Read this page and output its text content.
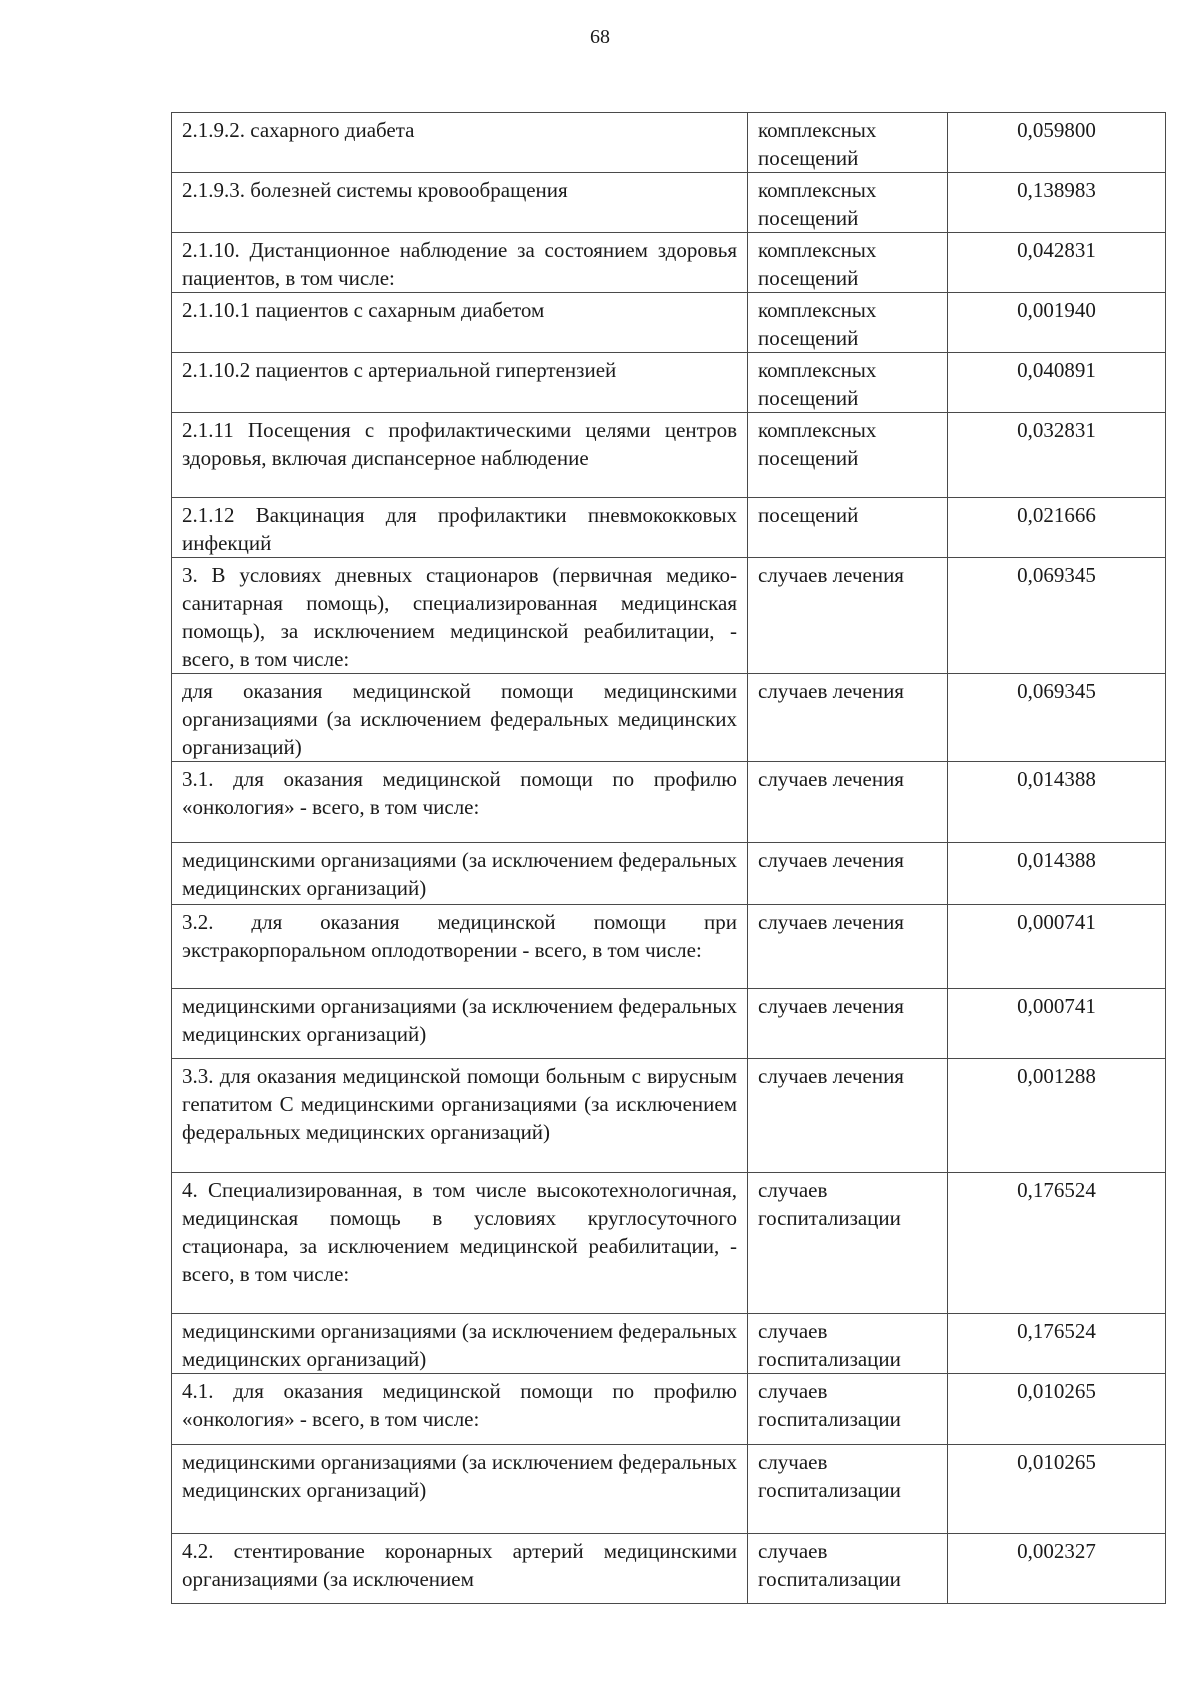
68
2.1.9.2. сахарного диабета	комплексных посещений	0,059800
2.1.9.3. болезней системы кровообращения	комплексных посещений	0,138983
2.1.10. Дистанционное наблюдение за состоянием здоровья пациентов, в том числе:	комплексных посещений	0,042831
2.1.10.1 пациентов с сахарным диабетом	комплексных посещений	0,001940
2.1.10.2 пациентов с артериальной гипертензией	комплексных посещений	0,040891
2.1.11 Посещения с профилактическими целями центров здоровья, включая диспансерное наблюдение	комплексных посещений	0,032831
2.1.12 Вакцинация для профилактики пневмококковых инфекций	посещений	0,021666
3. В условиях дневных стационаров (первичная медико-санитарная помощь), специализированная медицинская помощь), за исключением медицинской реабилитации, - всего, в том числе:	случаев лечения	0,069345
для оказания медицинской помощи медицинскими организациями (за исключением федеральных медицинских организаций)	случаев лечения	0,069345
3.1. для оказания медицинской помощи по профилю «онкология» - всего, в том числе:	случаев лечения	0,014388
медицинскими организациями (за исключением федеральных медицинских организаций)	случаев лечения	0,014388
3.2. для оказания медицинской помощи при экстракорпоральном оплодотворении - всего, в том числе:	случаев лечения	0,000741
медицинскими организациями (за исключением федеральных медицинских организаций)	случаев лечения	0,000741
3.3. для оказания медицинской помощи больным с вирусным гепатитом С медицинскими организациями (за исключением федеральных медицинских организаций)	случаев лечения	0,001288
4. Специализированная, в том числе высокотехнологичная, медицинская помощь в условиях круглосуточного стационара, за исключением медицинской реабилитации, - всего, в том числе:	случаев госпитализации	0,176524
медицинскими организациями (за исключением федеральных медицинских организаций)	случаев госпитализации	0,176524
4.1. для оказания медицинской помощи по профилю «онкология» - всего, в том числе:	случаев госпитализации	0,010265
медицинскими организациями (за исключением федеральных медицинских организаций)	случаев госпитализации	0,010265
4.2. стентирование коронарных артерий медицинскими организациями (за исключением	случаев госпитализации	0,002327
